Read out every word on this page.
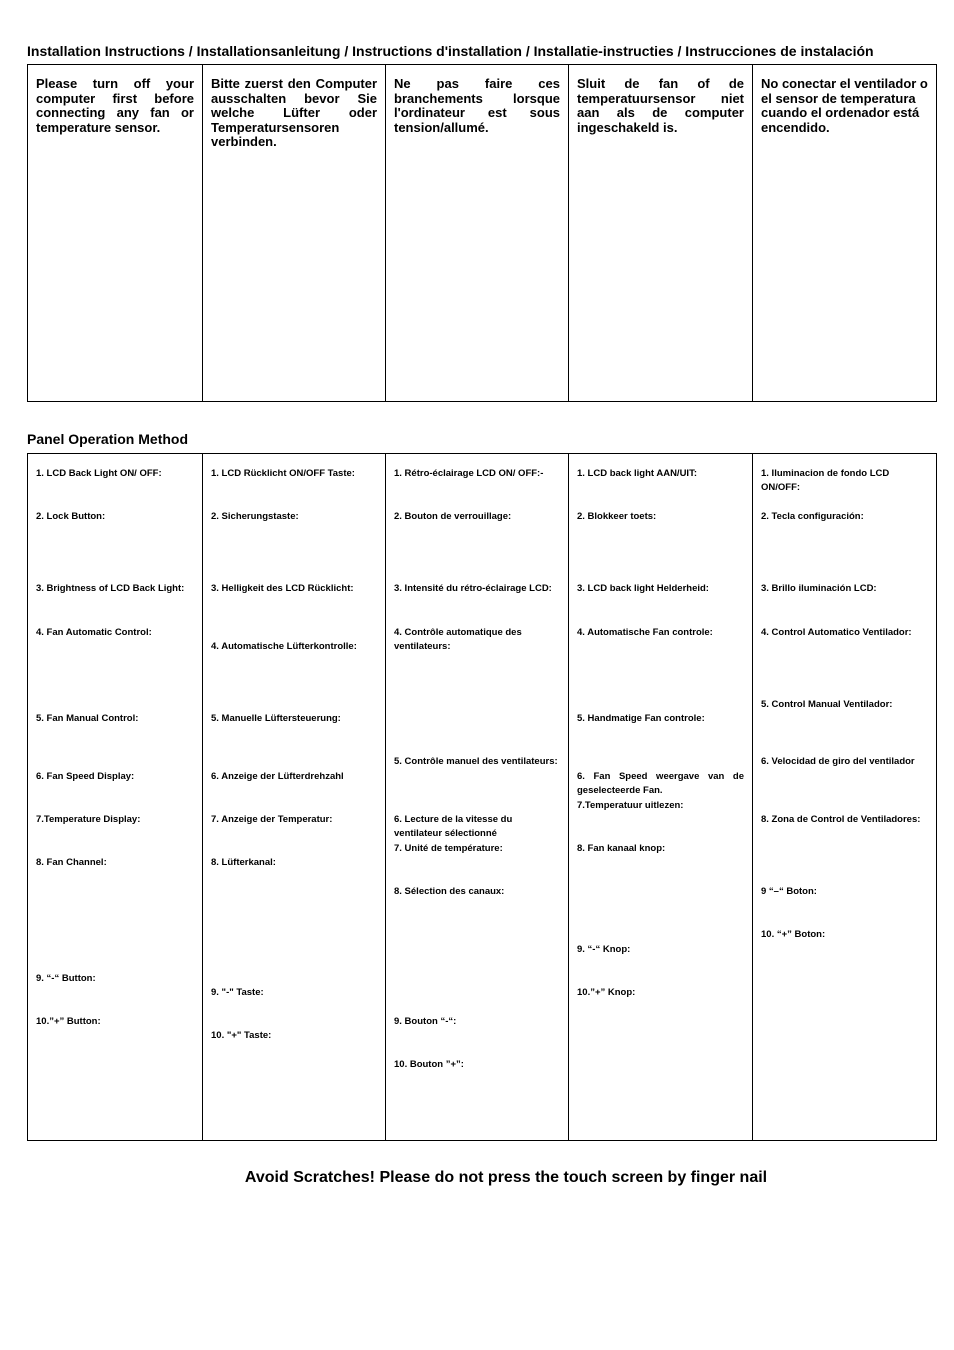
Installation Instructions / Installationsanleitung / Instructions d'installation / Installatie-instructies / Instrucciones de instalación
Please turn off your computer first before connecting any fan or temperature sensor.

Bitte zuerst den Computer ausschalten bevor Sie welche Lüfter oder Temperatursensoren verbinden.

Ne pas faire ces branchements lorsque l'ordinateur est sous tension/allumé.

Sluit de fan of de temperatuursensor niet aan als de computer ingeschakeld is.

No conectar el ventilador o el sensor de temperatura cuando el ordenador está encendido.
Panel Operation Method
1. LCD Back Light ON/ OFF:
2. Lock Button:
3. Brightness of LCD Back Light:
4. Fan Automatic Control:
5. Fan Manual Control:
6. Fan Speed Display:
7.Temperature Display:
8. Fan Channel:
9. “-“ Button:
10.”+” Button:

1. LCD Rücklicht ON/OFF Taste:
2. Sicherungstaste:
3. Helligkeit des LCD Rücklicht:
4. Automatische Lüfterkontrolle:
5. Manuelle Lüftersteuerung:
6. Anzeige der Lüfterdrehzahl
7. Anzeige der Temperatur:
8. Lüfterkanal:
9. "-" Taste:
10. "+" Taste:

1. Rétro-éclairage LCD ON/ OFF:-
2. Bouton de verrouillage:
3. Intensité du rétro-éclairage LCD:
4. Contrôle automatique des ventilateurs:
5. Contrôle manuel des ventilateurs:
6. Lecture de la vitesse du ventilateur sélectionné
7. Unité de température:
8. Sélection des canaux:
9. Bouton “-“:
10. Bouton ”+”:

1. LCD back light AAN/UIT:
2. Blokkeer toets:
3. LCD back light Helderheid:
4. Automatische Fan controle:
5. Handmatige Fan controle:
6. Fan Speed weergave van de geselecteerde Fan.
7.Temperatuur uitlezen:
8. Fan kanaal knop:
9. “-“ Knop:
10.”+” Knop:

1. Iluminacion de fondo LCD ON/OFF:
2. Tecla configuración:
3. Brillo iluminación LCD:
4. Control Automatico Ventilador:
5. Control Manual Ventilador:
6. Velocidad de giro del ventilador
8. Zona de Control de Ventiladores:
9 “–“ Boton:
10. “+” Boton:
Avoid Scratches! Please do not press the touch screen by finger nail
